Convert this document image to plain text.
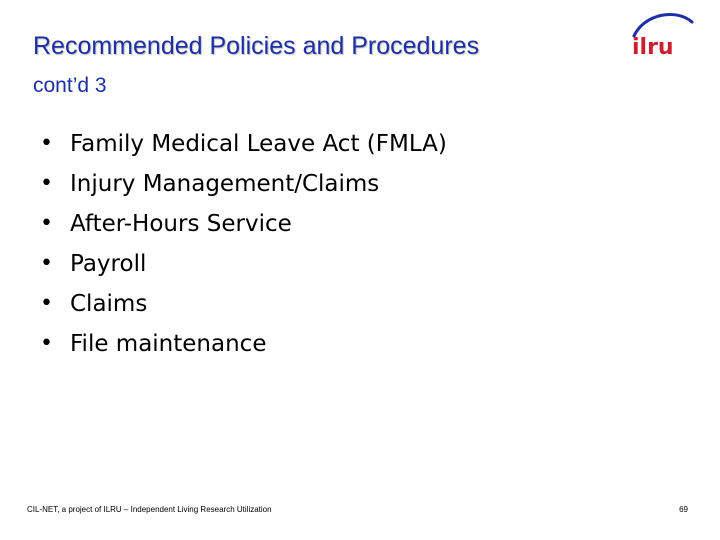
Recommended Policies and Procedures
cont’d 3
ilru
• Family Medical Leave Act (FMLA)
• Injury Management/Claims
• After-Hours Service
• Payroll
• Claims
• File maintenance
CIL-NET, a project of ILRU – Independent Living Research Utilization	69
